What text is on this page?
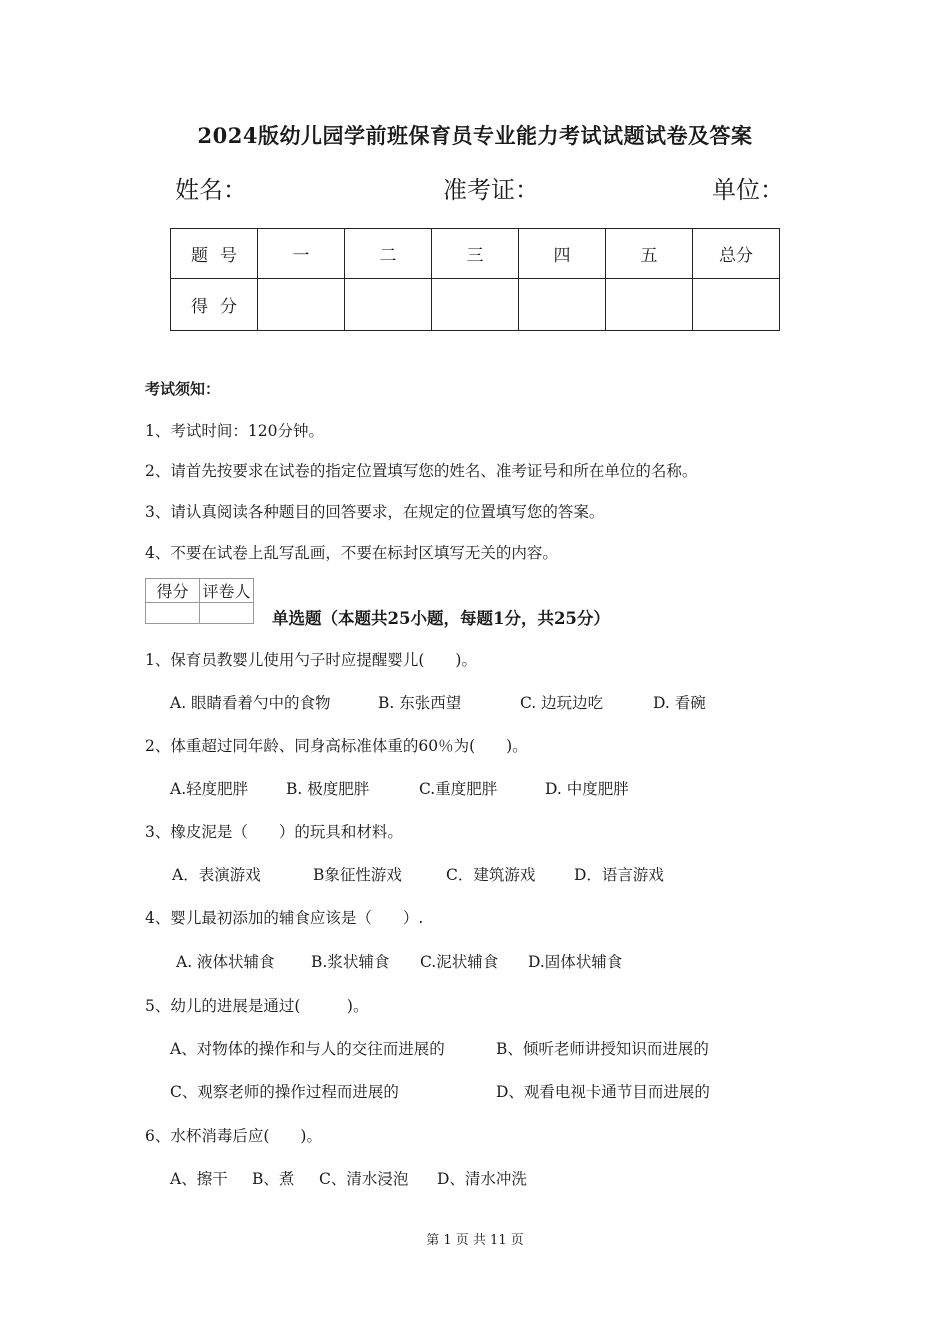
2024版幼儿园学前班保育员专业能力考试试题试卷及答案
姓名：	准考证：	单位：
题号	一	二	三	四	五	总分
得分						
考试须知：
1、考试时间：120分钟。
2、请首先按要求在试卷的指定位置填写您的姓名、准考证号和所在单位的名称。
3、请认真阅读各种题目的回答要求，在规定的位置填写您的答案。
4、不要在试卷上乱写乱画，不要在标封区填写无关的内容。
得分	评卷人

单选题（本题共25小题，每题1分，共25分）
1、保育员教婴儿使用勺子时应提醒婴儿(　　)。
A. 眼睛看着勺中的食物	B. 东张西望	C. 边玩边吃	D. 看碗
2、体重超过同年龄、同身高标准体重的60％为(　　)。
A.轻度肥胖 B. 极度肥胖	C.重度肥胖	D. 中度肥胖
3、橡皮泥是（　　）的玩具和材料。
A．表演游戏	B象征性游戏	C．建筑游戏 D．语言游戏
4、婴儿最初添加的辅食应该是（　　）.
A. 液体状辅食 B.浆状辅食 C.泥状辅食 D.固体状辅食
5、幼儿的进展是通过(　　　)。
A、对物体的操作和与人的交往而进展的	B、倾听老师讲授知识而进展的
C、观察老师的操作过程而进展的	D、观看电视卡通节目而进展的
6、水杯消毒后应(　　)。
A、擦干 B、煮 C、清水浸泡 D、清水冲洗
第 1 页 共 11 页
